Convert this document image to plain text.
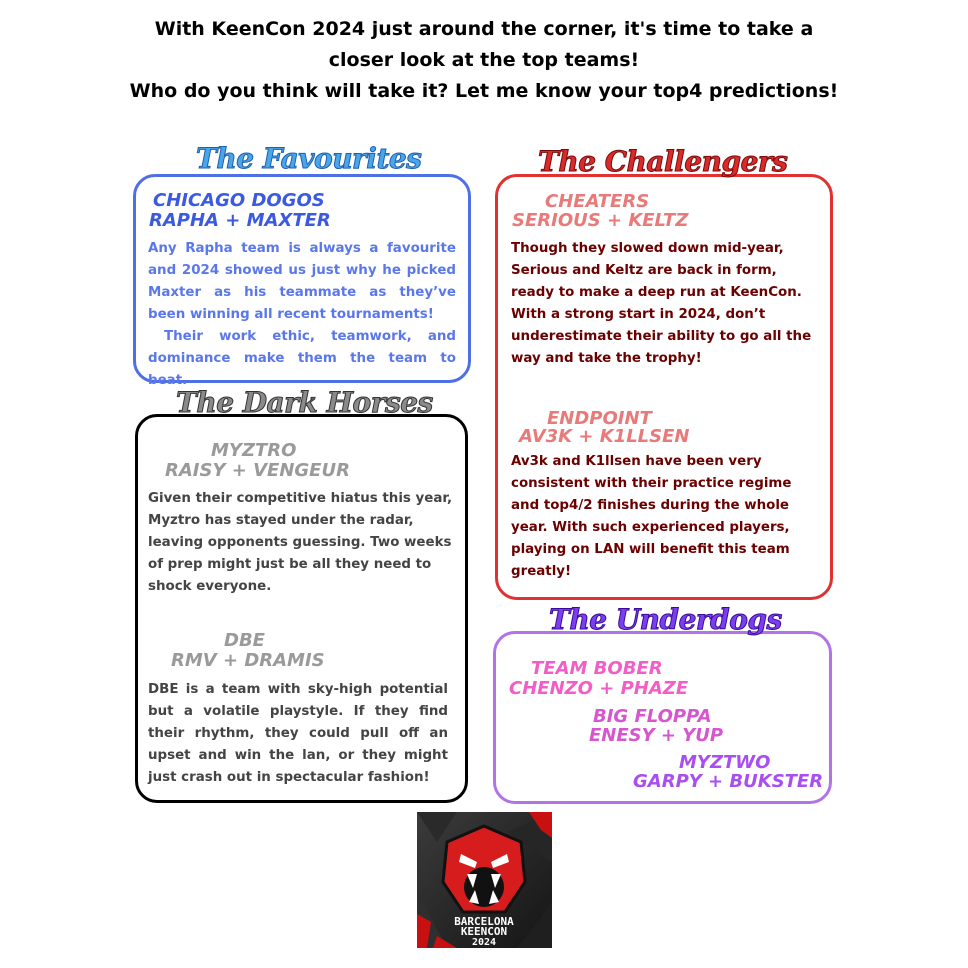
With KeenCon 2024 just around the corner, it's time to take a
closer look at the top teams!
Who do you think will take it? Let me know your top4 predictions!
The Favourites
CHICAGO DOGOS
RAPHA + MAXTER
Any Rapha team is always a favourite and 2024 showed us just why he picked Maxter as his teammate as they’ve been winning all recent tournaments!
Their work ethic, teamwork, and dominance make them the team to beat.
The Challengers
CHEATERS
SERIOUS + KELTZ
Though they slowed down mid-year, Serious and Keltz are back in form, ready to make a deep run at KeenCon. With a strong start in 2024, don’t underestimate their ability to go all the way and take the trophy!
ENDPOINT
AV3K + K1LLSEN
Av3k and K1llsen have been very consistent with their practice regime and top4/2 finishes during the whole year. With such experienced players, playing on LAN will benefit this team greatly!
The Dark Horses
MYZTRO
RAISY + VENGEUR
Given their competitive hiatus this year, Myztro has stayed under the radar, leaving opponents guessing. Two weeks of prep might just be all they need to shock everyone.
DBE
RMV + DRAMIS
DBE is a team with sky-high potential but a volatile playstyle. If they find their rhythm, they could pull off an upset and win the lan, or they might just crash out in spectacular fashion!
The Underdogs
TEAM BOBER
CHENZO + PHAZE
BIG FLOPPA
ENESY + YUP
MYZTWO
GARPY + BUKSTER
BARCELONA
KEENCON
2024
